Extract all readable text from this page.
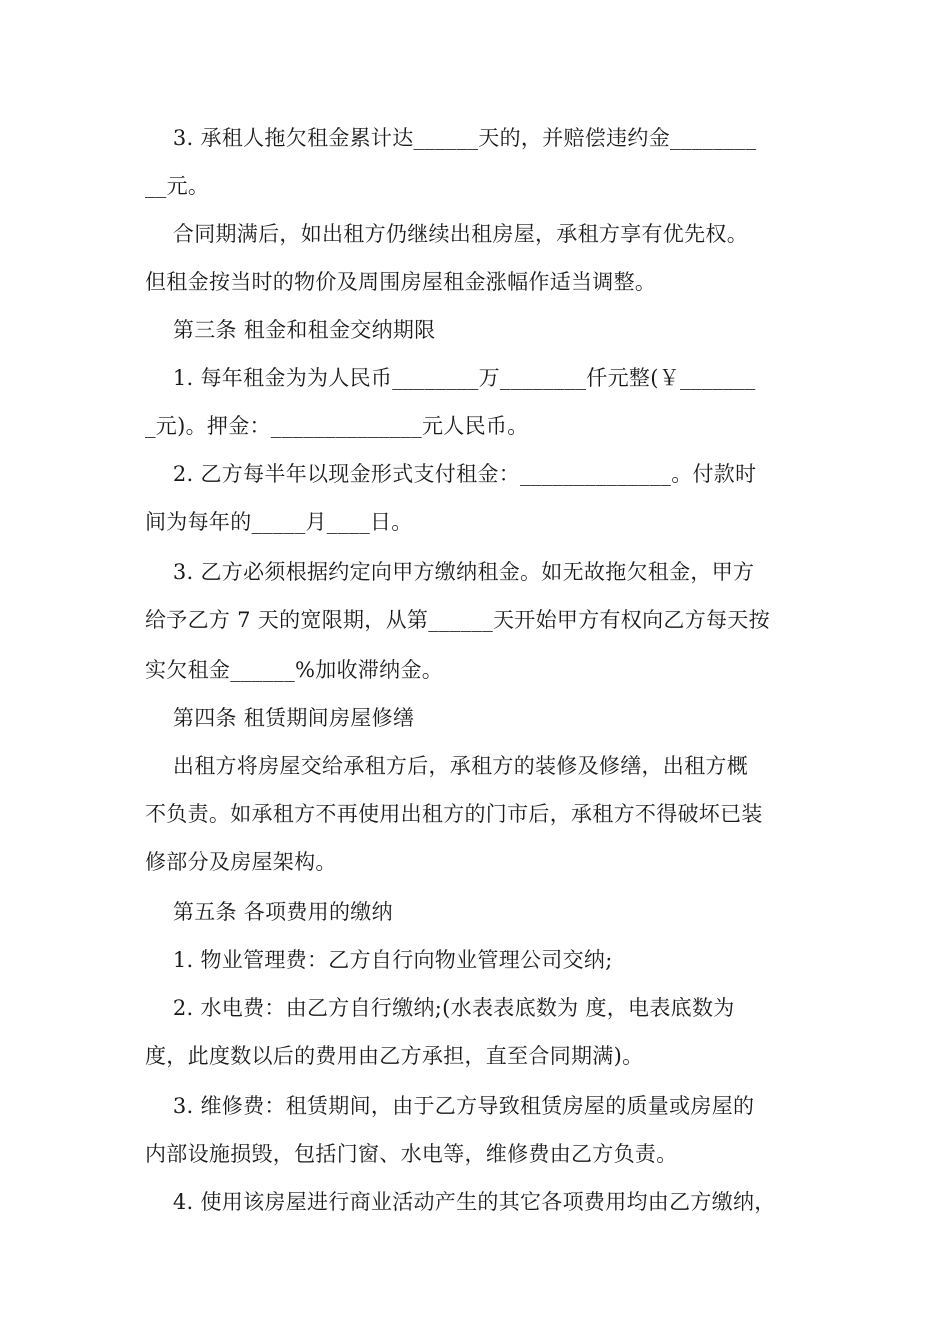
3. 承租人拖欠租金累计达______天的，并赔偿违约金________
__元。
合同期满后，如出租方仍继续出租房屋，承租方享有优先权。
但租金按当时的物价及周围房屋租金涨幅作适当调整。
第三条 租金和租金交纳期限
1. 每年租金为为人民币________万________仟元整(￥_______
_元)。押金：______________元人民币。
2. 乙方每半年以现金形式支付租金：______________。付款时
间为每年的_____月____日。
3. 乙方必须根据约定向甲方缴纳租金。如无故拖欠租金，甲方
给予乙方 7 天的宽限期，从第______天开始甲方有权向乙方每天按
实欠租金______%加收滞纳金。
第四条 租赁期间房屋修缮
出租方将房屋交给承租方后，承租方的装修及修缮，出租方概
不负责。如承租方不再使用出租方的门市后，承租方不得破坏已装
修部分及房屋架构。
第五条 各项费用的缴纳
1. 物业管理费：乙方自行向物业管理公司交纳;
2. 水电费：由乙方自行缴纳;(水表表底数为 度，电表底数为
度，此度数以后的费用由乙方承担，直至合同期满)。
3. 维修费：租赁期间，由于乙方导致租赁房屋的质量或房屋的
内部设施损毁，包括门窗、水电等，维修费由乙方负责。
4. 使用该房屋进行商业活动产生的其它各项费用均由乙方缴纳，
